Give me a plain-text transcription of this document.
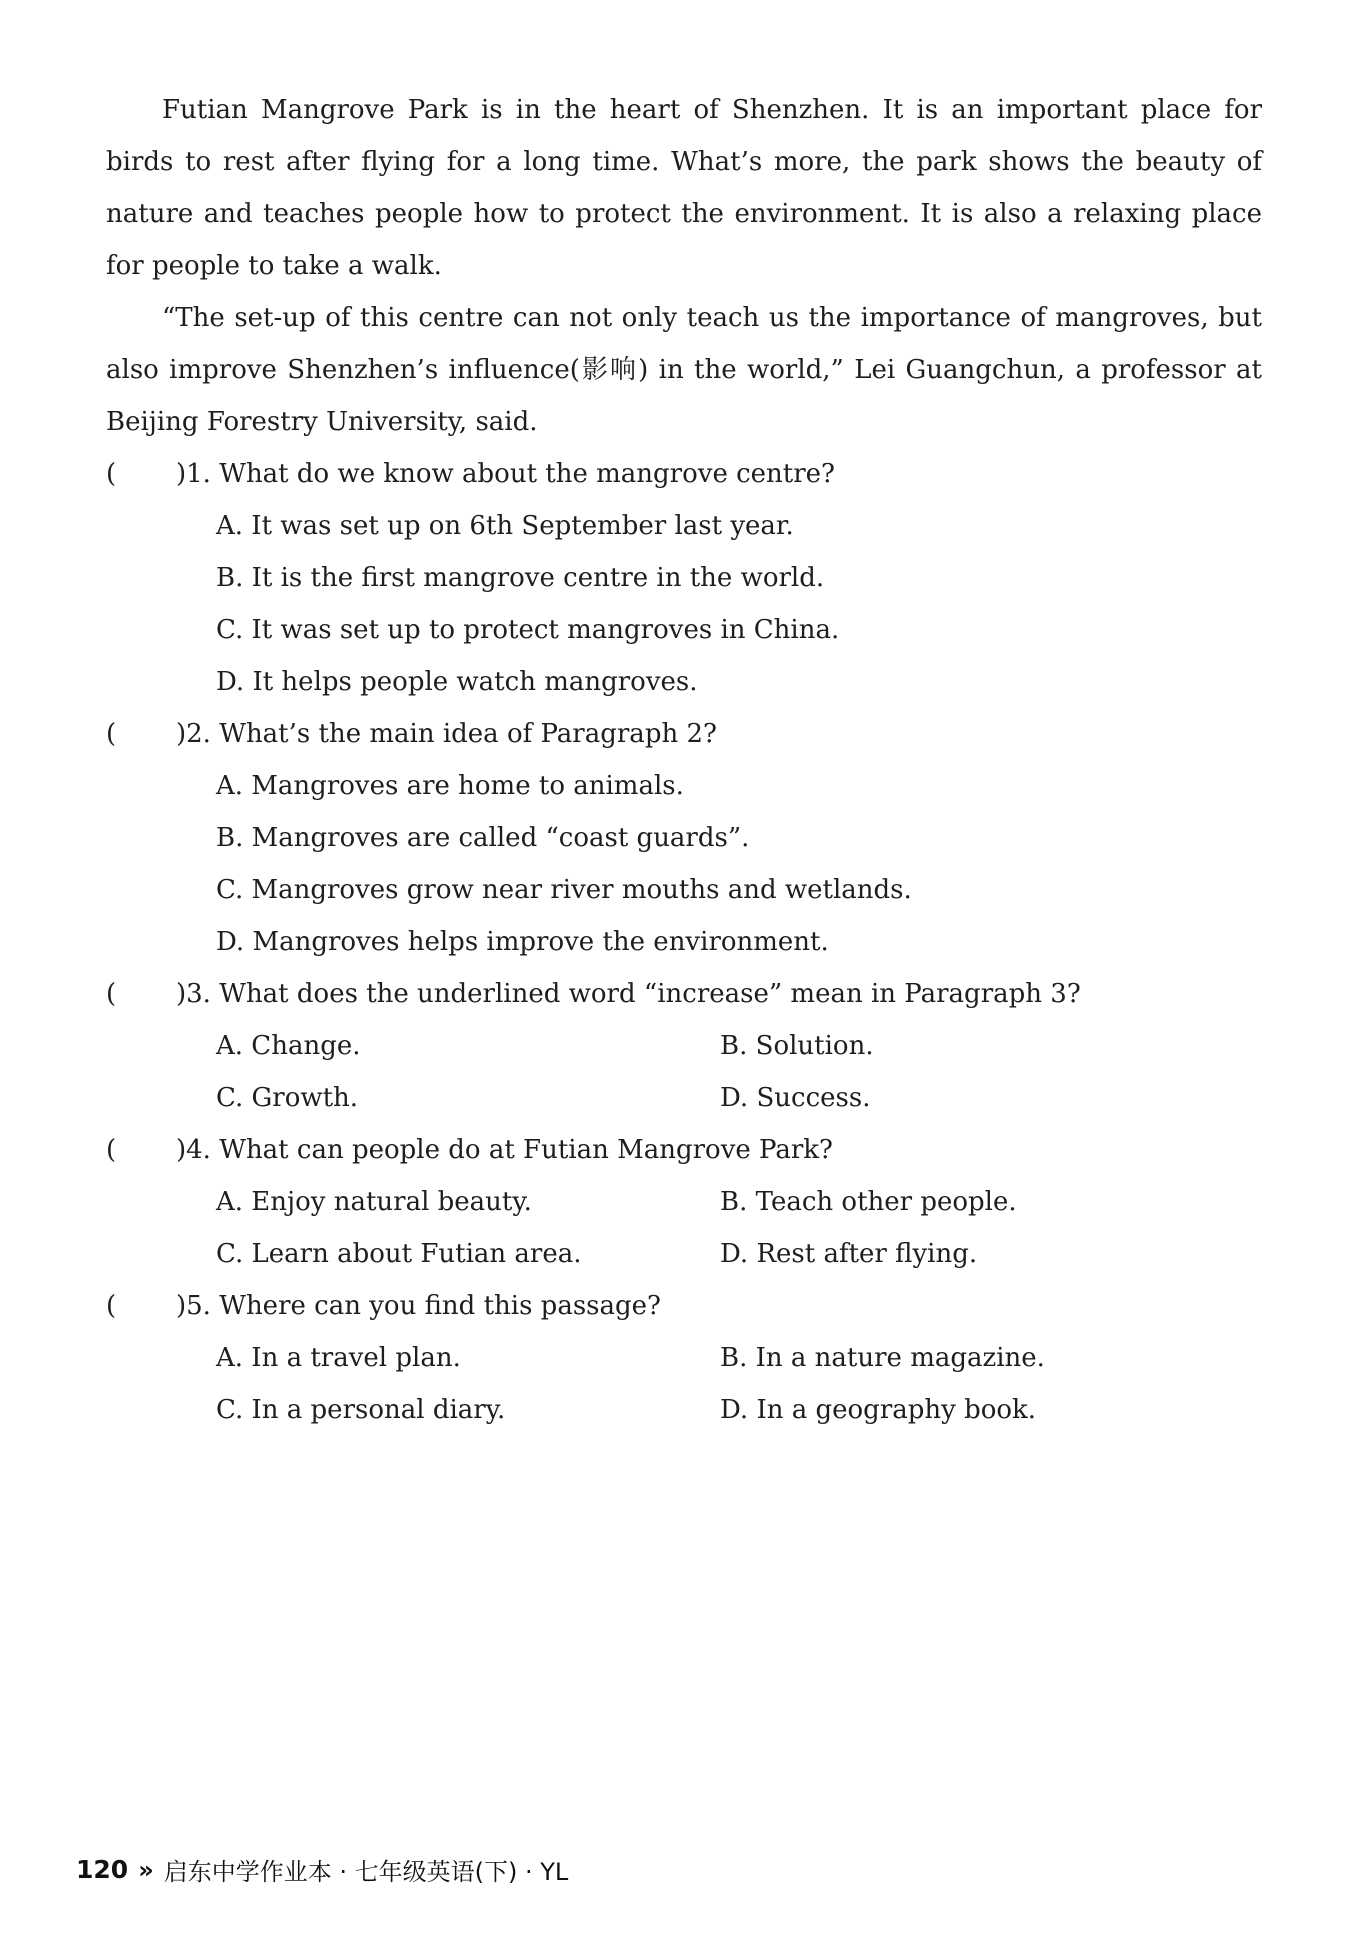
Futian Mangrove Park is in the heart of Shenzhen. It is an important place for birds to rest after flying for a long time. What’s more, the park shows the beauty of nature and teaches people how to protect the environment. It is also a relaxing place for people to take a walk.

“The set-up of this centre can not only teach us the importance of mangroves, but also improve Shenzhen’s influence(影响) in the world,” Lei Guangchun, a professor at Beijing Forestry University, said.

(	)1. What do we know about the mangrove centre?
A. It was set up on 6th September last year.
B. It is the first mangrove centre in the world.
C. It was set up to protect mangroves in China.
D. It helps people watch mangroves.
(	)2. What’s the main idea of Paragraph 2?
A. Mangroves are home to animals.
B. Mangroves are called “coast guards”.
C. Mangroves grow near river mouths and wetlands.
D. Mangroves helps improve the environment.
(	)3. What does the underlined word “increase” mean in Paragraph 3?
A. Change.	B. Solution.
C. Growth.	D. Success.
(	)4. What can people do at Futian Mangrove Park?
A. Enjoy natural beauty.	B. Teach other people.
C. Learn about Futian area.	D. Rest after flying.
(	)5. Where can you find this passage?
A. In a travel plan.	B. In a nature magazine.
C. In a personal diary.	D. In a geography book.
120 » 启东中学作业本 · 七年级英语(下) · YL
